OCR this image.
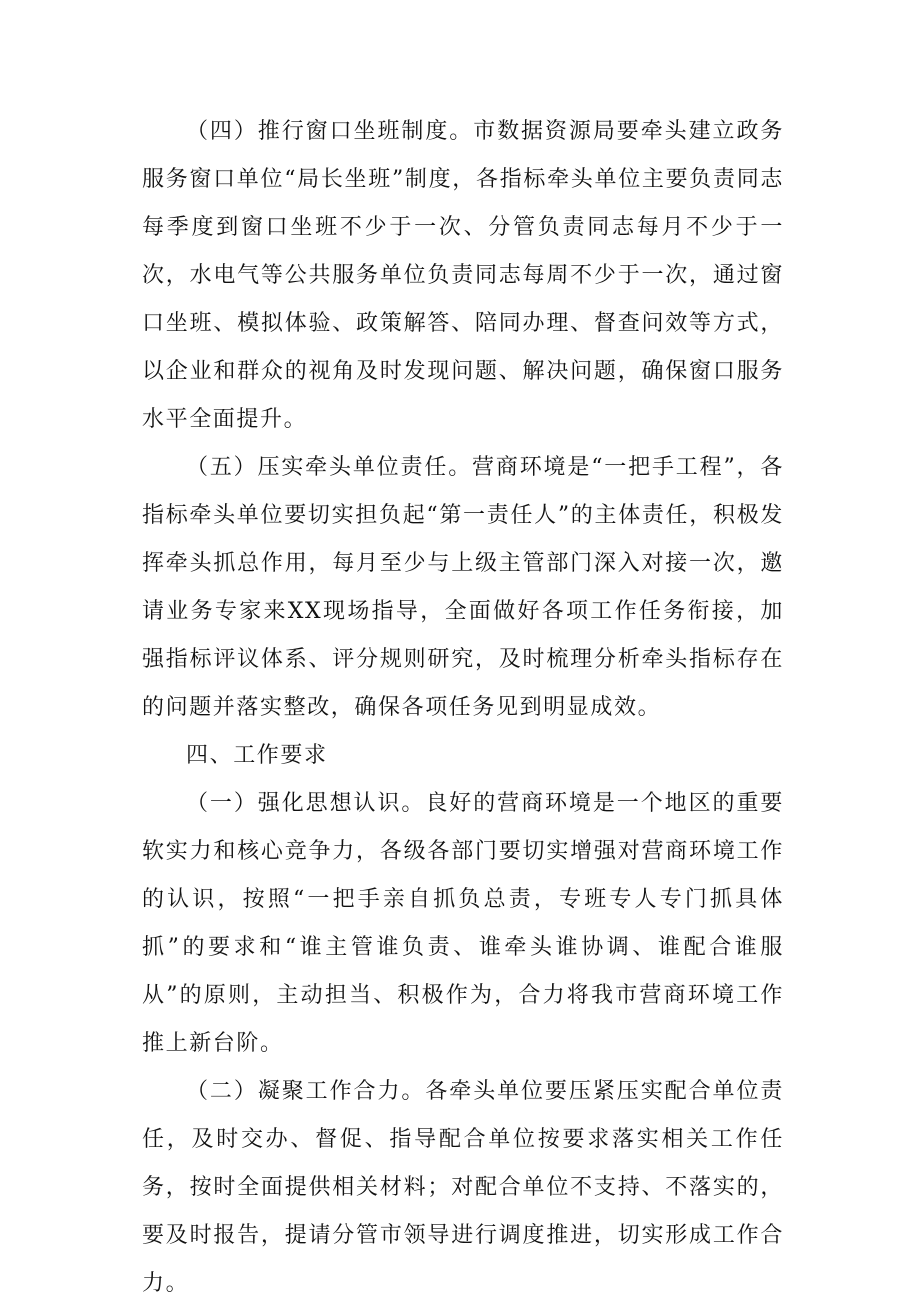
（四）推行窗口坐班制度。市数据资源局要牵头建立政务服务窗口单位“局长坐班”制度，各指标牵头单位主要负责同志每季度到窗口坐班不少于一次、分管负责同志每月不少于一次，水电气等公共服务单位负责同志每周不少于一次，通过窗口坐班、模拟体验、政策解答、陪同办理、督查问效等方式，以企业和群众的视角及时发现问题、解决问题，确保窗口服务水平全面提升。

（五）压实牵头单位责任。营商环境是“一把手工程”，各指标牵头单位要切实担负起“第一责任人”的主体责任，积极发挥牵头抓总作用，每月至少与上级主管部门深入对接一次，邀请业务专家来XX现场指导，全面做好各项工作任务衔接，加强指标评议体系、评分规则研究，及时梳理分析牵头指标存在的问题并落实整改，确保各项任务见到明显成效。

四、工作要求

（一）强化思想认识。良好的营商环境是一个地区的重要软实力和核心竞争力，各级各部门要切实增强对营商环境工作的认识，按照“一把手亲自抓负总责，专班专人专门抓具体抓”的要求和“谁主管谁负责、谁牵头谁协调、谁配合谁服从”的原则，主动担当、积极作为，合力将我市营商环境工作推上新台阶。

（二）凝聚工作合力。各牵头单位要压紧压实配合单位责任，及时交办、督促、指导配合单位按要求落实相关工作任务，按时全面提供相关材料；对配合单位不支持、不落实的，要及时报告，提请分管市领导进行调度推进，切实形成工作合力。
